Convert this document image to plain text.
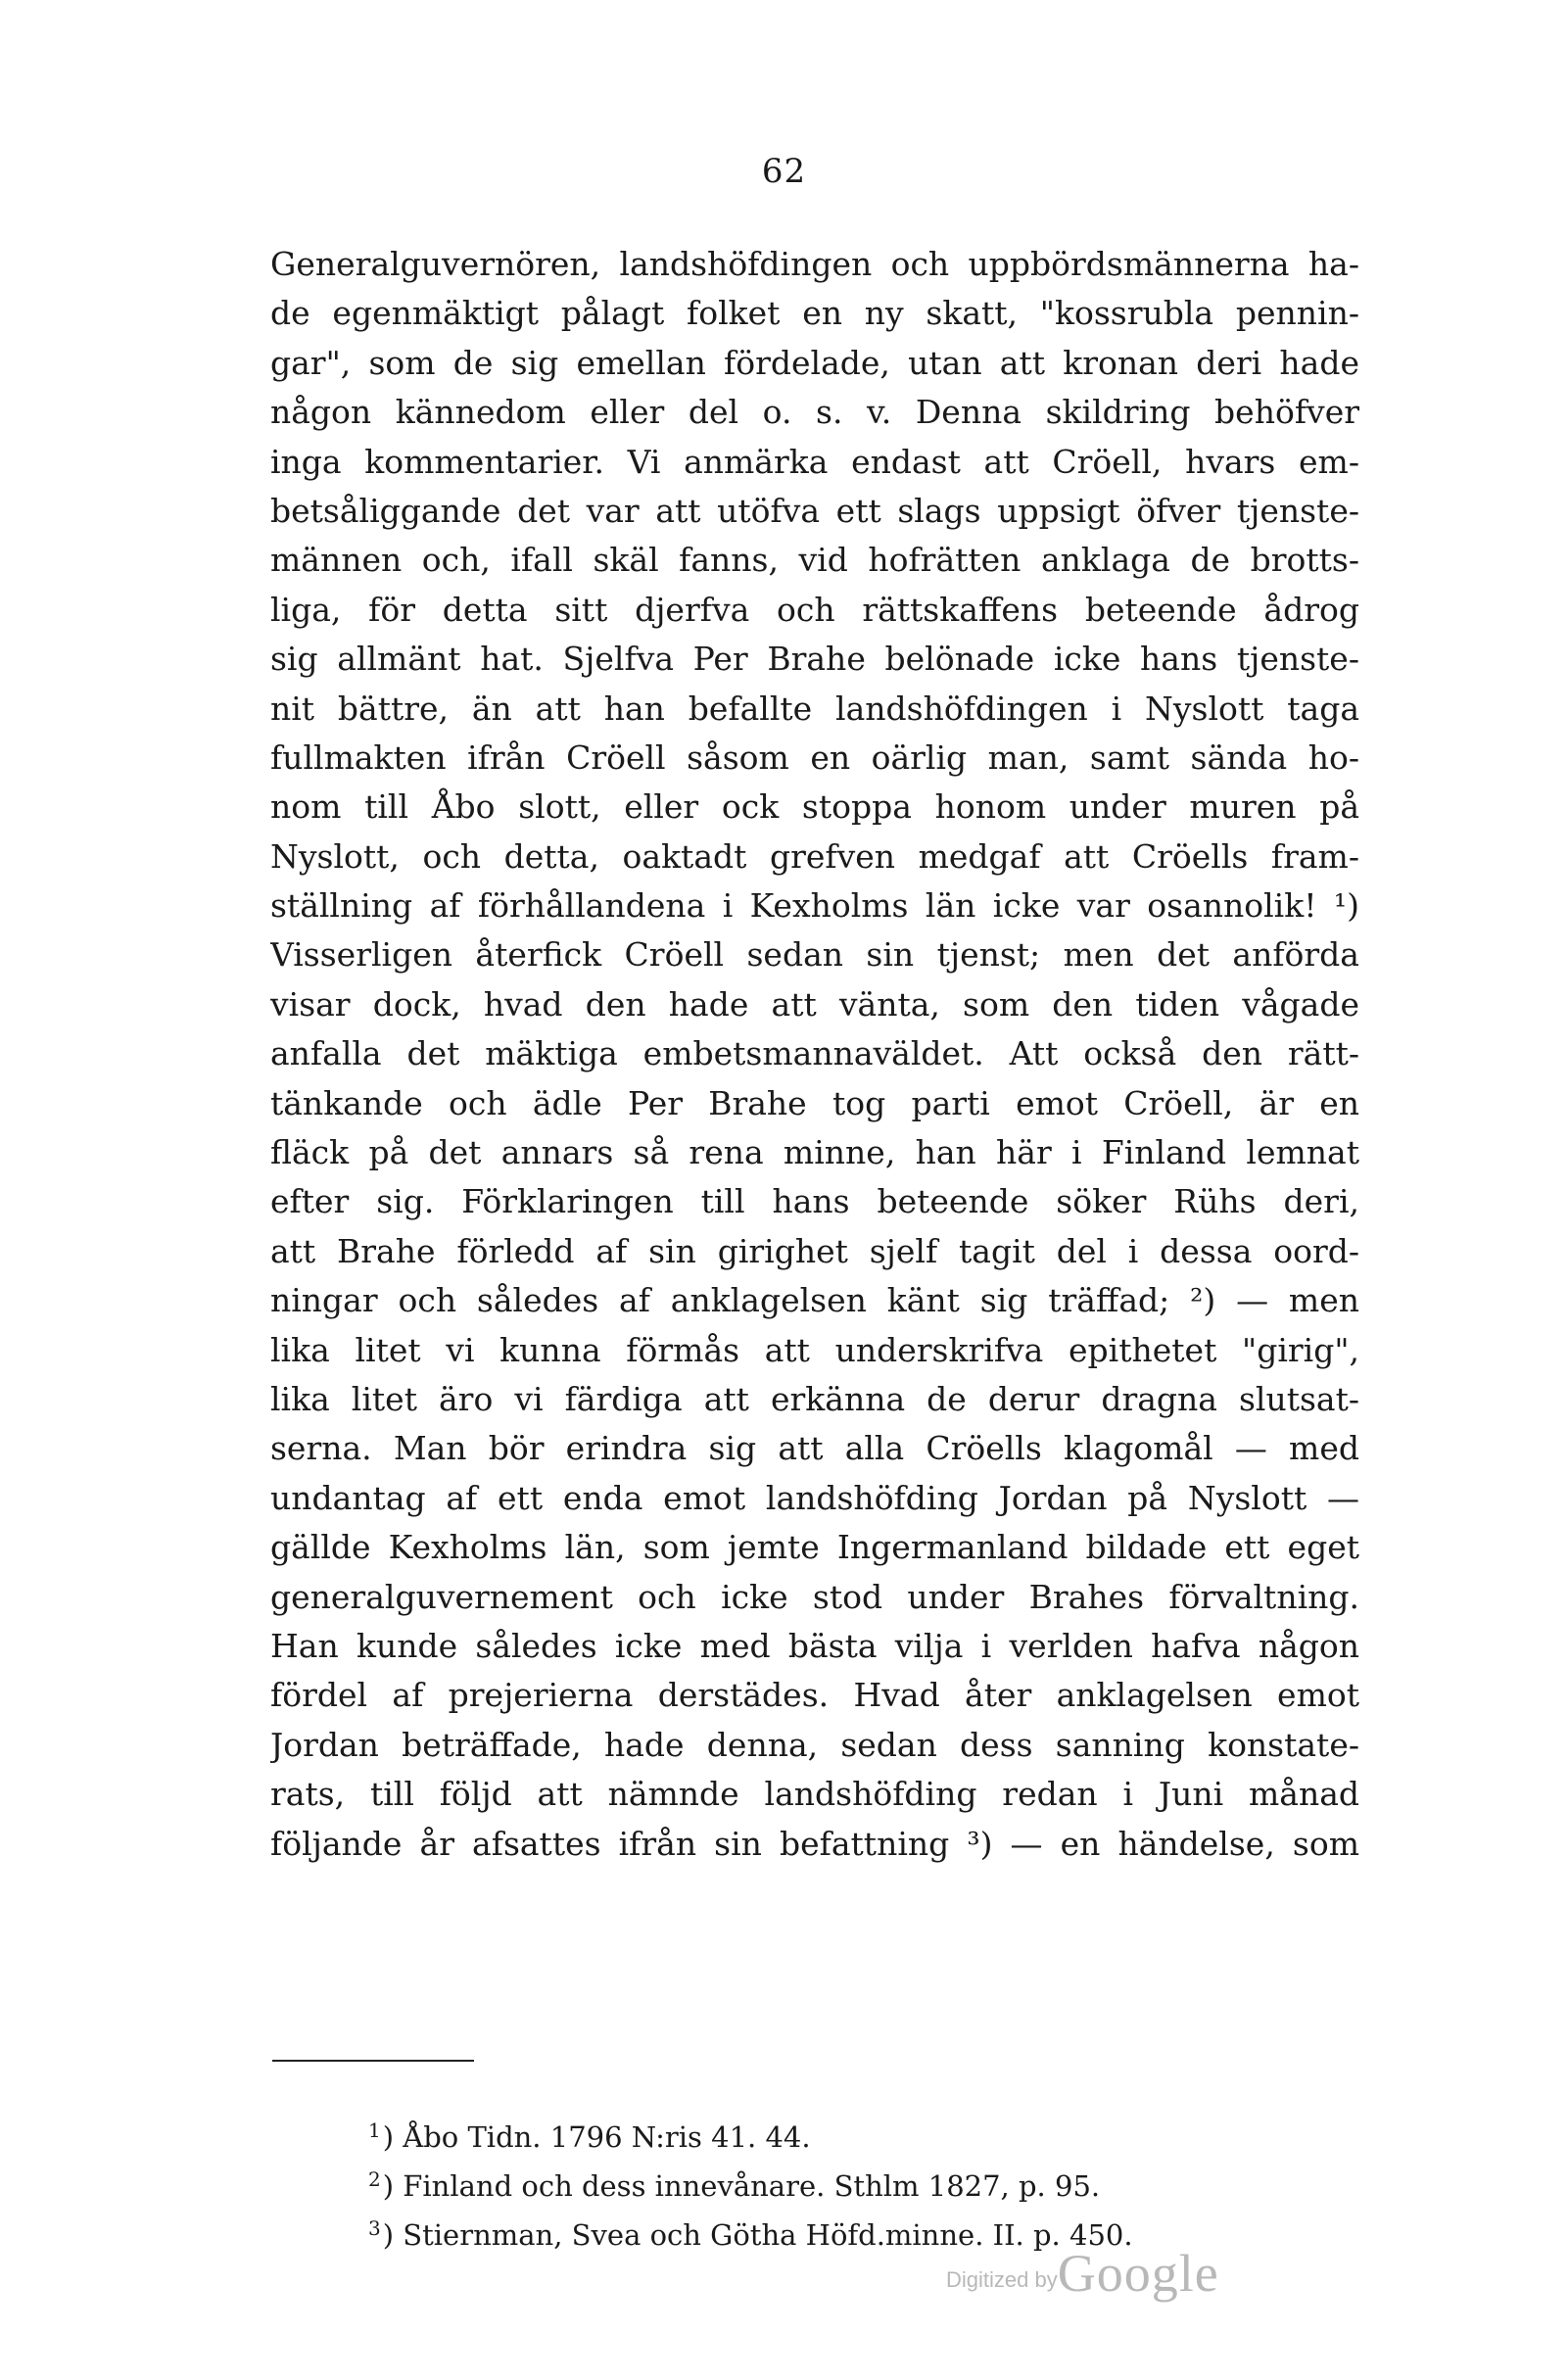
62
Generalguvernören, landshöfdingen och uppbördsmännerna ha-
de egenmäktigt pålagt folket en ny skatt, "kossrubla pennin-
gar", som de sig emellan fördelade, utan att kronan deri hade
någon kännedom eller del o. s. v. Denna skildring behöfver
inga kommentarier. Vi anmärka endast att Cröell, hvars em-
betsåliggande det var att utöfva ett slags uppsigt öfver tjenste-
männen och, ifall skäl fanns, vid hofrätten anklaga de brotts-
liga, för detta sitt djerfva och rättskaffens beteende ådrog
sig allmänt hat. Sjelfva Per Brahe belönade icke hans tjenste-
nit bättre, än att han befallte landshöfdingen i Nyslott taga
fullmakten ifrån Cröell såsom en oärlig man, samt sända ho-
nom till Åbo slott, eller ock stoppa honom under muren på
Nyslott, och detta, oaktadt grefven medgaf att Cröells fram-
ställning af förhållandena i Kexholms län icke var osannolik! ¹)
Visserligen återfick Cröell sedan sin tjenst; men det anförda
visar dock, hvad den hade att vänta, som den tiden vågade
anfalla det mäktiga embetsmannaväldet. Att också den rätt-
tänkande och ädle Per Brahe tog parti emot Cröell, är en
fläck på det annars så rena minne, han här i Finland lemnat
efter sig. Förklaringen till hans beteende söker Rühs deri,
att Brahe förledd af sin girighet sjelf tagit del i dessa oord-
ningar och således af anklagelsen känt sig träffad; ²) — men
lika litet vi kunna förmås att underskrifva epithetet "girig",
lika litet äro vi färdiga att erkänna de derur dragna slutsat-
serna. Man bör erindra sig att alla Cröells klagomål — med
undantag af ett enda emot landshöfding Jordan på Nyslott —
gällde Kexholms län, som jemte Ingermanland bildade ett eget
generalguvernement och icke stod under Brahes förvaltning.
Han kunde således icke med bästa vilja i verlden hafva någon
fördel af prejerierna derstädes. Hvad åter anklagelsen emot
Jordan beträffade, hade denna, sedan dess sanning konstate-
rats, till följd att nämnde landshöfding redan i Juni månad
följande år afsattes ifrån sin befattning ³) — en händelse, som
1) Åbo Tidn. 1796 N:ris 41. 44.
2) Finland och dess innevånare. Sthlm 1827, p. 95.
3) Stiernman, Svea och Götha Höfd.minne. II. p. 450.
Digitized byGoogle
